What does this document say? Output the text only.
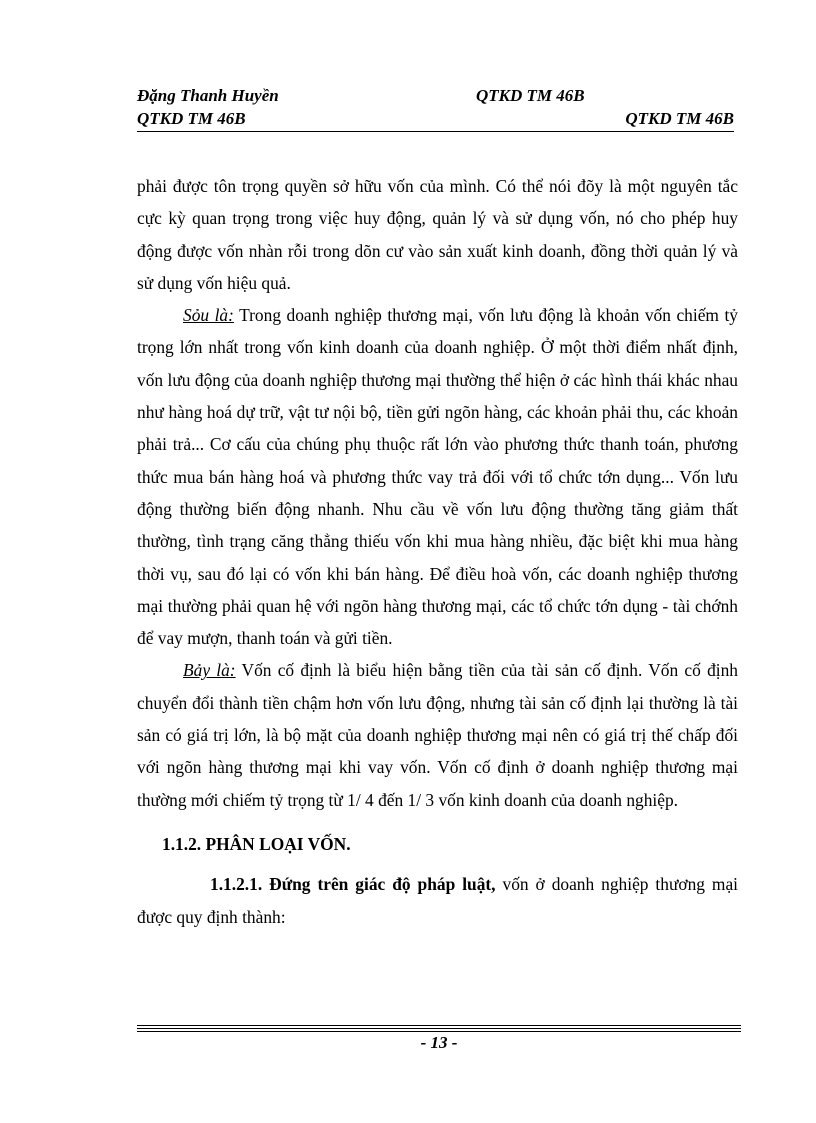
Đặng Thanh Huyền	QTKD TM 46B
QTKD TM 46B	QTKD TM 46B

phải được tôn trọng quyền sở hữu vốn của mình. Có thể nói đõy là một nguyên tắc cực kỳ quan trọng trong việc huy động, quản lý và sử dụng vốn, nó cho phép huy động được vốn nhàn rỗi trong dõn cư vào sản xuất kinh doanh, đồng thời quản lý và sử dụng vốn hiệu quả.

Sỏu là: Trong doanh nghiệp thương mại, vốn lưu động là khoản vốn chiếm tỷ trọng lớn nhất trong vốn kinh doanh của doanh nghiệp. Ở một thời điểm nhất định, vốn lưu động của doanh nghiệp thương mại thường thể hiện ở các hình thái khác nhau như hàng hoá dự trữ, vật tư nội bộ, tiền gửi ngõn hàng, các khoản phải thu, các khoản phải trả... Cơ cấu của chúng phụ thuộc rất lớn vào phương thức thanh toán, phương thức mua bán hàng hoá và phương thức vay trả đối với tổ chức tớn dụng... Vốn lưu động thường biến động nhanh. Nhu cầu về vốn lưu động thường tăng giảm thất thường, tình trạng căng thẳng thiếu vốn khi mua hàng nhiều, đặc biệt khi mua hàng thời vụ, sau đó lại có vốn khi bán hàng. Để điều hoà vốn, các doanh nghiệp thương mại thường phải quan hệ với ngõn hàng thương mại, các tổ chức tớn dụng - tài chớnh để vay mượn, thanh toán và gửi tiền.

Bảy là: Vốn cố định là biểu hiện bằng tiền của tài sản cố định. Vốn cố định chuyển đổi thành tiền chậm hơn vốn lưu động, nhưng tài sản cố định lại thường là tài sản có giá trị lớn, là bộ mặt của doanh nghiệp thương mại nên có giá trị thế chấp đối với ngõn hàng thương mại khi vay vốn. Vốn cố định ở doanh nghiệp thương mại thường mới chiếm tỷ trọng từ 1/ 4 đến 1/ 3 vốn kinh doanh của doanh nghiệp.

1.1.2. PHÂN LOẠI VỐN.

1.1.2.1. Đứng trên giác độ pháp luật, vốn ở doanh nghiệp thương mại được quy định thành:

- 13 -
